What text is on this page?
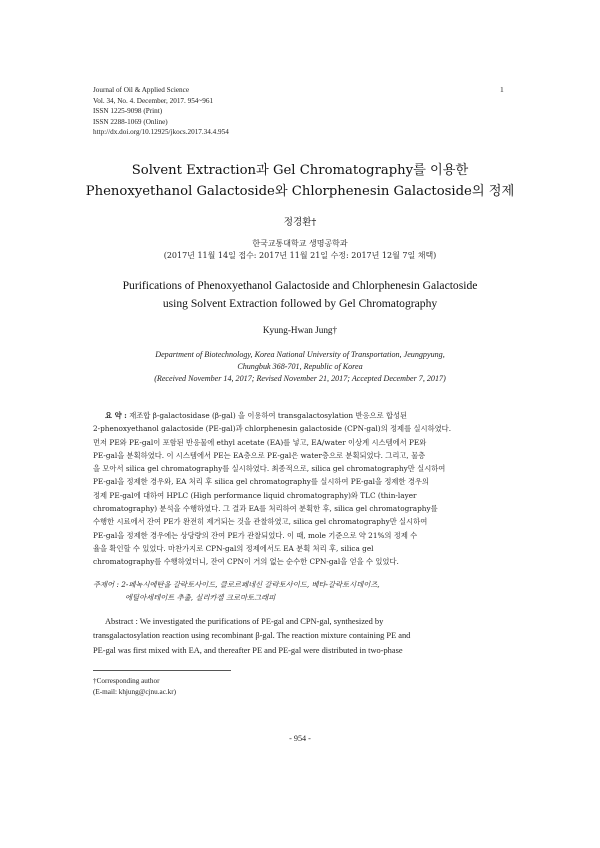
Journal of Oil & Applied Science
Vol. 34, No. 4. December, 2017. 954~961
ISSN 1225-9098 (Print)
ISSN 2288-1069 (Online)
http://dx.doi.org/10.12925/jkocs.2017.34.4.954
1
Solvent Extraction과 Gel Chromatography를 이용한
Phenoxyethanol Galactoside와 Chlorphenesin Galactoside의 정제
정경환†
한국교통대학교 생명공학과
(2017년 11월 14일 접수: 2017년 11월 21일 수정: 2017년 12월 7일 채택)
Purifications of Phenoxyethanol Galactoside and Chlorphenesin Galactoside
using Solvent Extraction followed by Gel Chromatography
Kyung-Hwan Jung†
Department of Biotechnology, Korea National University of Transportation, Jeungpyung,
Chungbuk 368-701, Republic of Korea
(Received November 14, 2017; Revised November 21, 2017; Accepted December 7, 2017)
요 약 : 재조합 β-galactosidase (β-gal) 을 이용하여 transgalactosylation 반응으로 합성된
2-phenoxyethanol galactoside (PE-gal)과 chlorphenesin galactoside (CPN-gal)의 정제를 실시하였다.
먼저 PE와 PE-gal이 포함된 반응물에 ethyl acetate (EA)를 넣고, EA/water 이상계 시스템에서 PE와
PE-gal을 분획하였다. 이 시스템에서 PE는 EA층으로 PE-gal은 water층으로 분획되었다. 그리고, 물층
을 모아서 silica gel chromatography를 실시하였다. 최종적으로, silica gel chromatography만 실시하여
PE-gal을 정제한 경우와, EA 처리 후 silica gel chromatography를 실시하여 PE-gal을 정제한 경우의
정제 PE-gal에 대하여 HPLC (High performance liquid chromatography)와 TLC (thin-layer
chromatography) 분석을 수행하였다. 그 결과 EA를 처리하여 분획한 후, silica gel chromatography를
수행한 시료에서 잔여 PE가 완전히 제거되는 것을 관찰하였고, silica gel chromatography만 실시하여
PE-gal을 정제한 경우에는 상당량의 잔여 PE가 관찰되었다. 이 때, mole 기준으로 약 21%의 정제 수
율을 확인할 수 있었다. 마찬가지로 CPN-gal의 정제에서도 EA 분획 처리 후, silica gel
chromatography를 수행하였더니, 잔여 CPN이 거의 없는 순수한 CPN-gal을 얻을 수 있었다.
주제어 : 2-페녹시에탄올 갈락토사이드, 클로르페네신 갈락토사이드, 베타-갈락토시데이즈,
에틸아세테이트 추출, 실리카겔 크로마토그래피
Abstract : We investigated the purifications of PE-gal and CPN-gal, synthesized by
transgalactosylation reaction using recombinant β-gal. The reaction mixture containing PE and
PE-gal was first mixed with EA, and thereafter PE and PE-gal were distributed in two-phase
†Corresponding author
(E-mail: khjung@cjnu.ac.kr)
- 954 -
